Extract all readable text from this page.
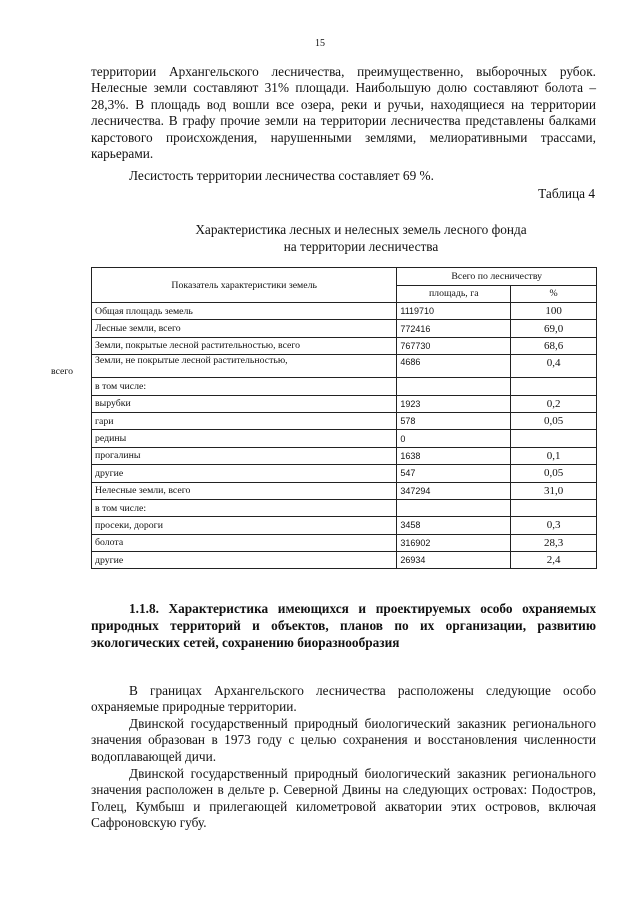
15

территории Архангельского лесничества, преимущественно, выборочных рубок. Нелесные земли составляют 31% площади. Наибольшую долю составляют болота – 28,3%. В площадь вод вошли все озера, реки и ручьи, находящиеся на территории лесничества. В графу прочие земли на территории лесничества представлены балками карстового происхождения, нарушенными землями, мелиоративными трассами, карьерами.

Лесистость территории лесничества составляет 69 %.

Таблица 4
Характеристика лесных и нелесных земель лесного фонда
на территории лесничества
Показатель характеристики земель	Всего по лесничеству	
	площадь, га	%
Общая площадь земель	1119710	100
Лесные земли, всего	772416	69,0
Земли, покрытые лесной растительностью, всего	767730	68,6
Земли, не покрытые лесной растительностью,
всего	4686	0,4
в том числе:		
вырубки	1923	0,2
гари	578	0,05
редины	0	
прогалины	1638	0,1
другие	547	0,05
Нелесные земли, всего	347294	31,0
в том числе:		
просеки, дороги	3458	0,3
болота	316902	28,3
другие	26934	2,4

1.1.8. Характеристика имеющихся и проектируемых особо охраняемых природных территорий и объектов, планов по их организации, развитию экологических сетей, сохранению биоразнообразия

В границах Архангельского лесничества расположены следующие особо охраняемые природные территории.

Двинской государственный природный биологический заказник регионального значения образован в 1973 году с целью сохранения и восстановления численности водоплавающей дичи.

Двинской государственный природный биологический заказник регионального значения расположен в дельте р. Северной Двины на следующих островах: Подостров, Голец, Кумбыш и прилегающей километровой акватории этих островов, включая Сафроновскую губу.
